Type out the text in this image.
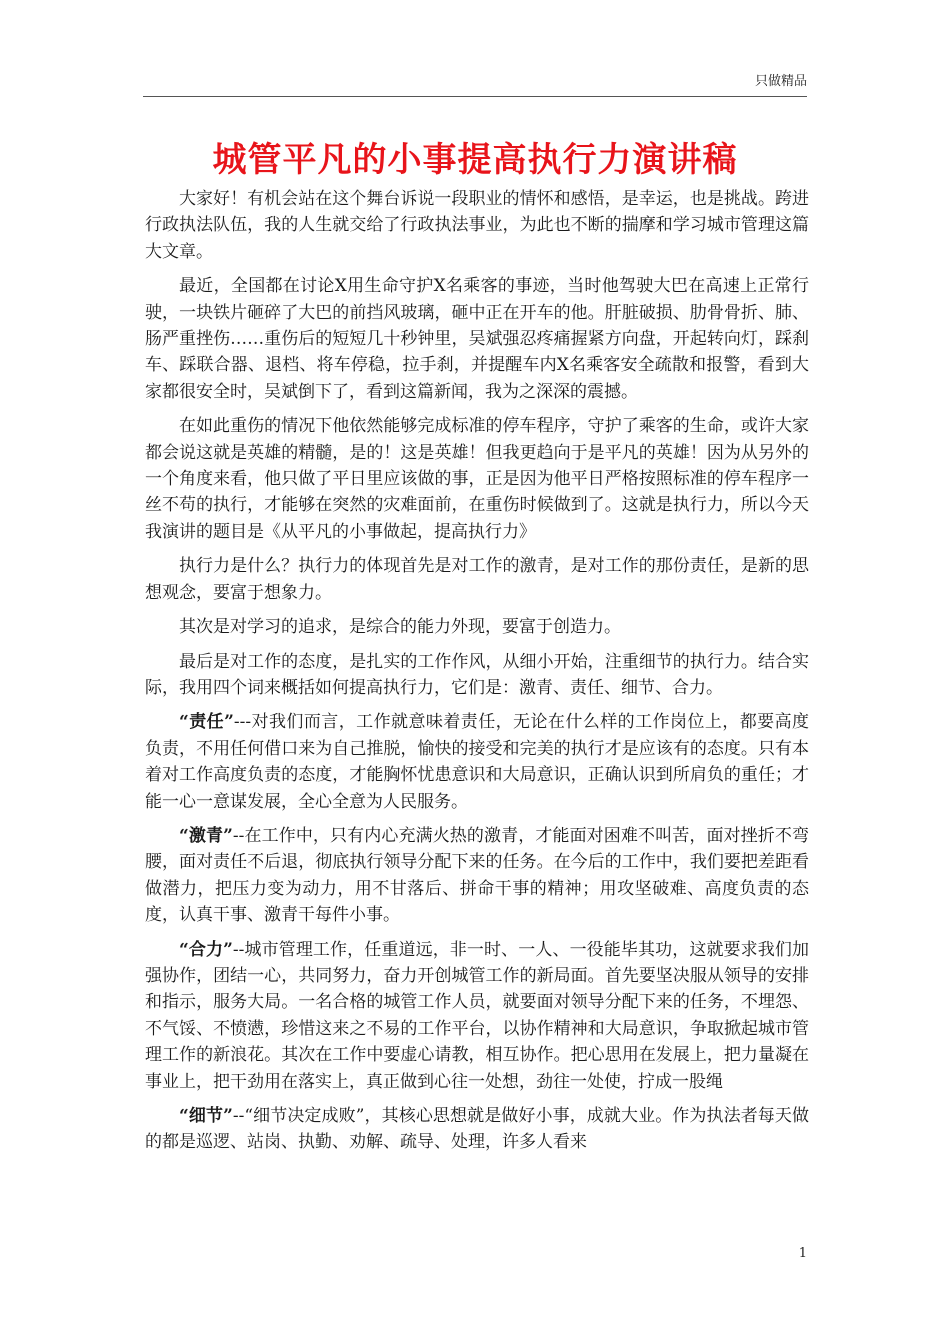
只做精品
城管平凡的小事提高执行力演讲稿

大家好！有机会站在这个舞台诉说一段职业的情怀和感悟，是幸运，也是挑战。跨进行政执法队伍，我的人生就交给了行政执法事业，为此也不断的揣摩和学习城市管理这篇大文章。

最近，全国都在讨论X用生命守护X名乘客的事迹，当时他驾驶大巴在高速上正常行驶，一块铁片砸碎了大巴的前挡风玻璃，砸中正在开车的他。肝脏破损、肋骨骨折、肺、肠严重挫伤……重伤后的短短几十秒钟里，吴斌强忍疼痛握紧方向盘，开起转向灯，踩刹车、踩联合器、退档、将车停稳，拉手刹，并提醒车内X名乘客安全疏散和报警，看到大家都很安全时，吴斌倒下了，看到这篇新闻，我为之深深的震撼。

在如此重伤的情况下他依然能够完成标准的停车程序，守护了乘客的生命，或许大家都会说这就是英雄的精髓，是的！这是英雄！但我更趋向于是平凡的英雄！因为从另外的一个角度来看，他只做了平日里应该做的事，正是因为他平日严格按照标准的停车程序一丝不苟的执行，才能够在突然的灾难面前，在重伤时候做到了。这就是执行力，所以今天我演讲的题目是《从平凡的小事做起，提高执行力》

执行力是什么？执行力的体现首先是对工作的激青，是对工作的那份责任，是新的思想观念，要富于想象力。

其次是对学习的追求，是综合的能力外现，要富于创造力。

最后是对工作的态度，是扎实的工作作风，从细小开始，注重细节的执行力。结合实际，我用四个词来概括如何提高执行力，它们是：激青、责任、细节、合力。

“责任”---对我们而言，工作就意味着责任，无论在什么样的工作岗位上，都要高度负责，不用任何借口来为自己推脱，愉快的接受和完美的执行才是应该有的态度。只有本着对工作高度负责的态度，才能胸怀忧患意识和大局意识，正确认识到所肩负的重任；才能一心一意谋发展，全心全意为人民服务。

“激青”--在工作中，只有内心充满火热的激青，才能面对困难不叫苦，面对挫折不弯腰，面对责任不后退，彻底执行领导分配下来的任务。在今后的工作中，我们要把差距看做潜力，把压力变为动力，用不甘落后、拼命干事的精神；用攻坚破难、高度负责的态度，认真干事、激青干每件小事。

“合力”--城市管理工作，任重道远，非一时、一人、一役能毕其功，这就要求我们加强协作，团结一心，共同努力，奋力开创城管工作的新局面。首先要坚决服从领导的安排和指示，服务大局。一名合格的城管工作人员，就要面对领导分配下来的任务，不埋怨、不气馁、不愤懑，珍惜这来之不易的工作平台，以协作精神和大局意识，争取掀起城市管理工作的新浪花。其次在工作中要虚心请教，相互协作。把心思用在发展上，把力量凝在事业上，把干劲用在落实上，真正做到心往一处想，劲往一处使，拧成一股绳

“细节”--“细节决定成败”，其核心思想就是做好小事，成就大业。作为执法者每天做的都是巡逻、站岗、执勤、劝解、疏导、处理，许多人看来

1
